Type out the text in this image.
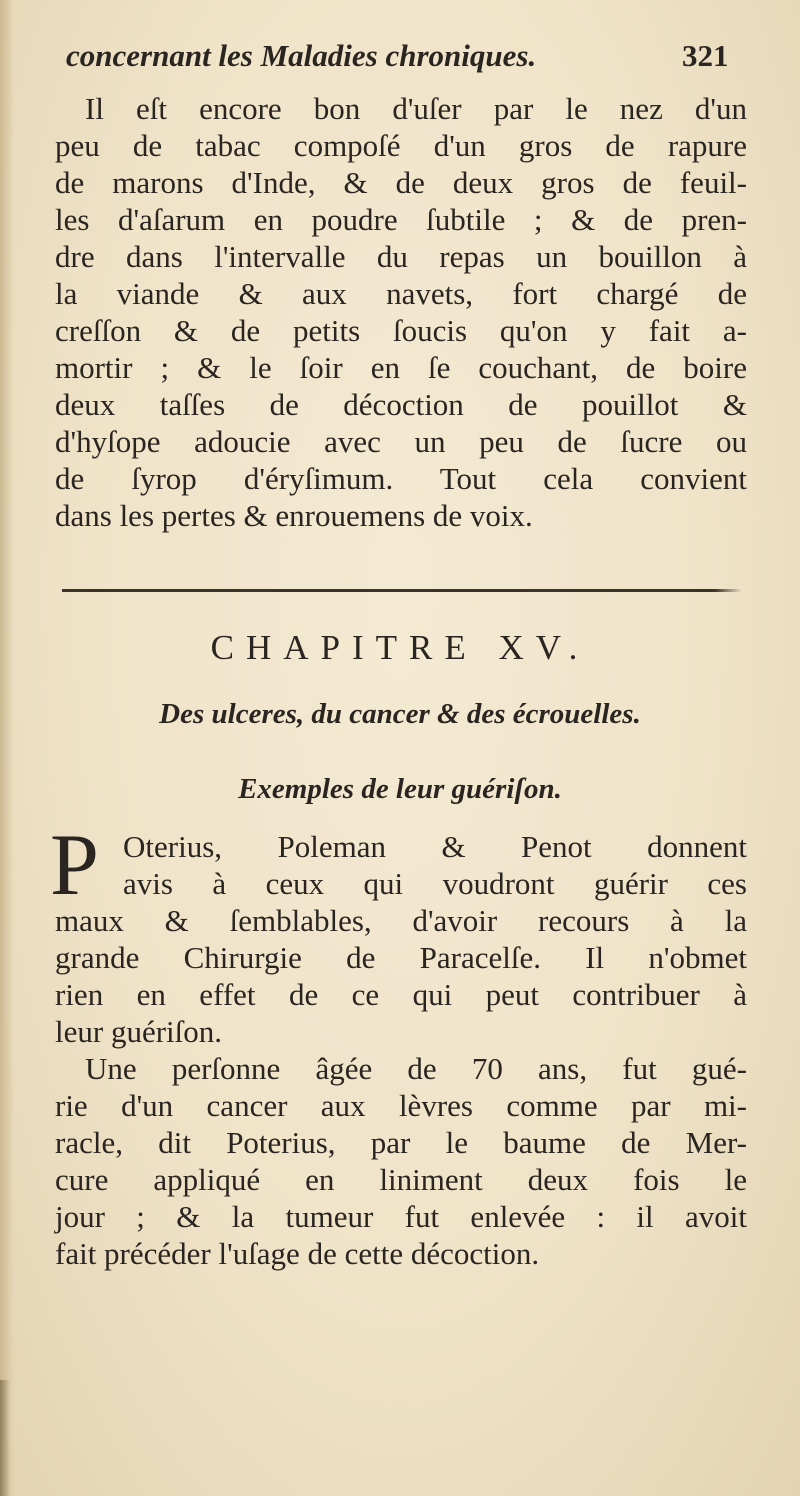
concernant les Maladies chroniques.	321
Il eſt encore bon d'uſer par le nez d'un
peu de tabac compoſé d'un gros de rapure
de marons d'Inde, & de deux gros de feuil-
les d'aſarum en poudre ſubtile ; & de pren-
dre dans l'intervalle du repas un bouillon à
la viande & aux navets, fort chargé de
creſſon & de petits ſoucis qu'on y fait a-
mortir ; & le ſoir en ſe couchant, de boire
deux taſſes de décoction de pouillot &
d'hyſope adoucie avec un peu de ſucre ou
de ſyrop d'éryſimum. Tout cela convient
dans les pertes & enrouemens de voix.
CHAPITRE XV.
Des ulceres, du cancer & des écrouelles.
Exemples de leur guériſon.
P Oterius, Poleman & Penot donnent
avis à ceux qui voudront guérir ces
maux & ſemblables, d'avoir recours à la
grande Chirurgie de Paracelſe. Il n'obmet
rien en effet de ce qui peut contribuer à
leur guériſon.
Une perſonne âgée de 70 ans, fut gué-
rie d'un cancer aux lèvres comme par mi-
racle, dit Poterius, par le baume de Mer-
cure appliqué en liniment deux fois le
jour ; & la tumeur fut enlevée : il avoit
fait précéder l'uſage de cette décoction.
